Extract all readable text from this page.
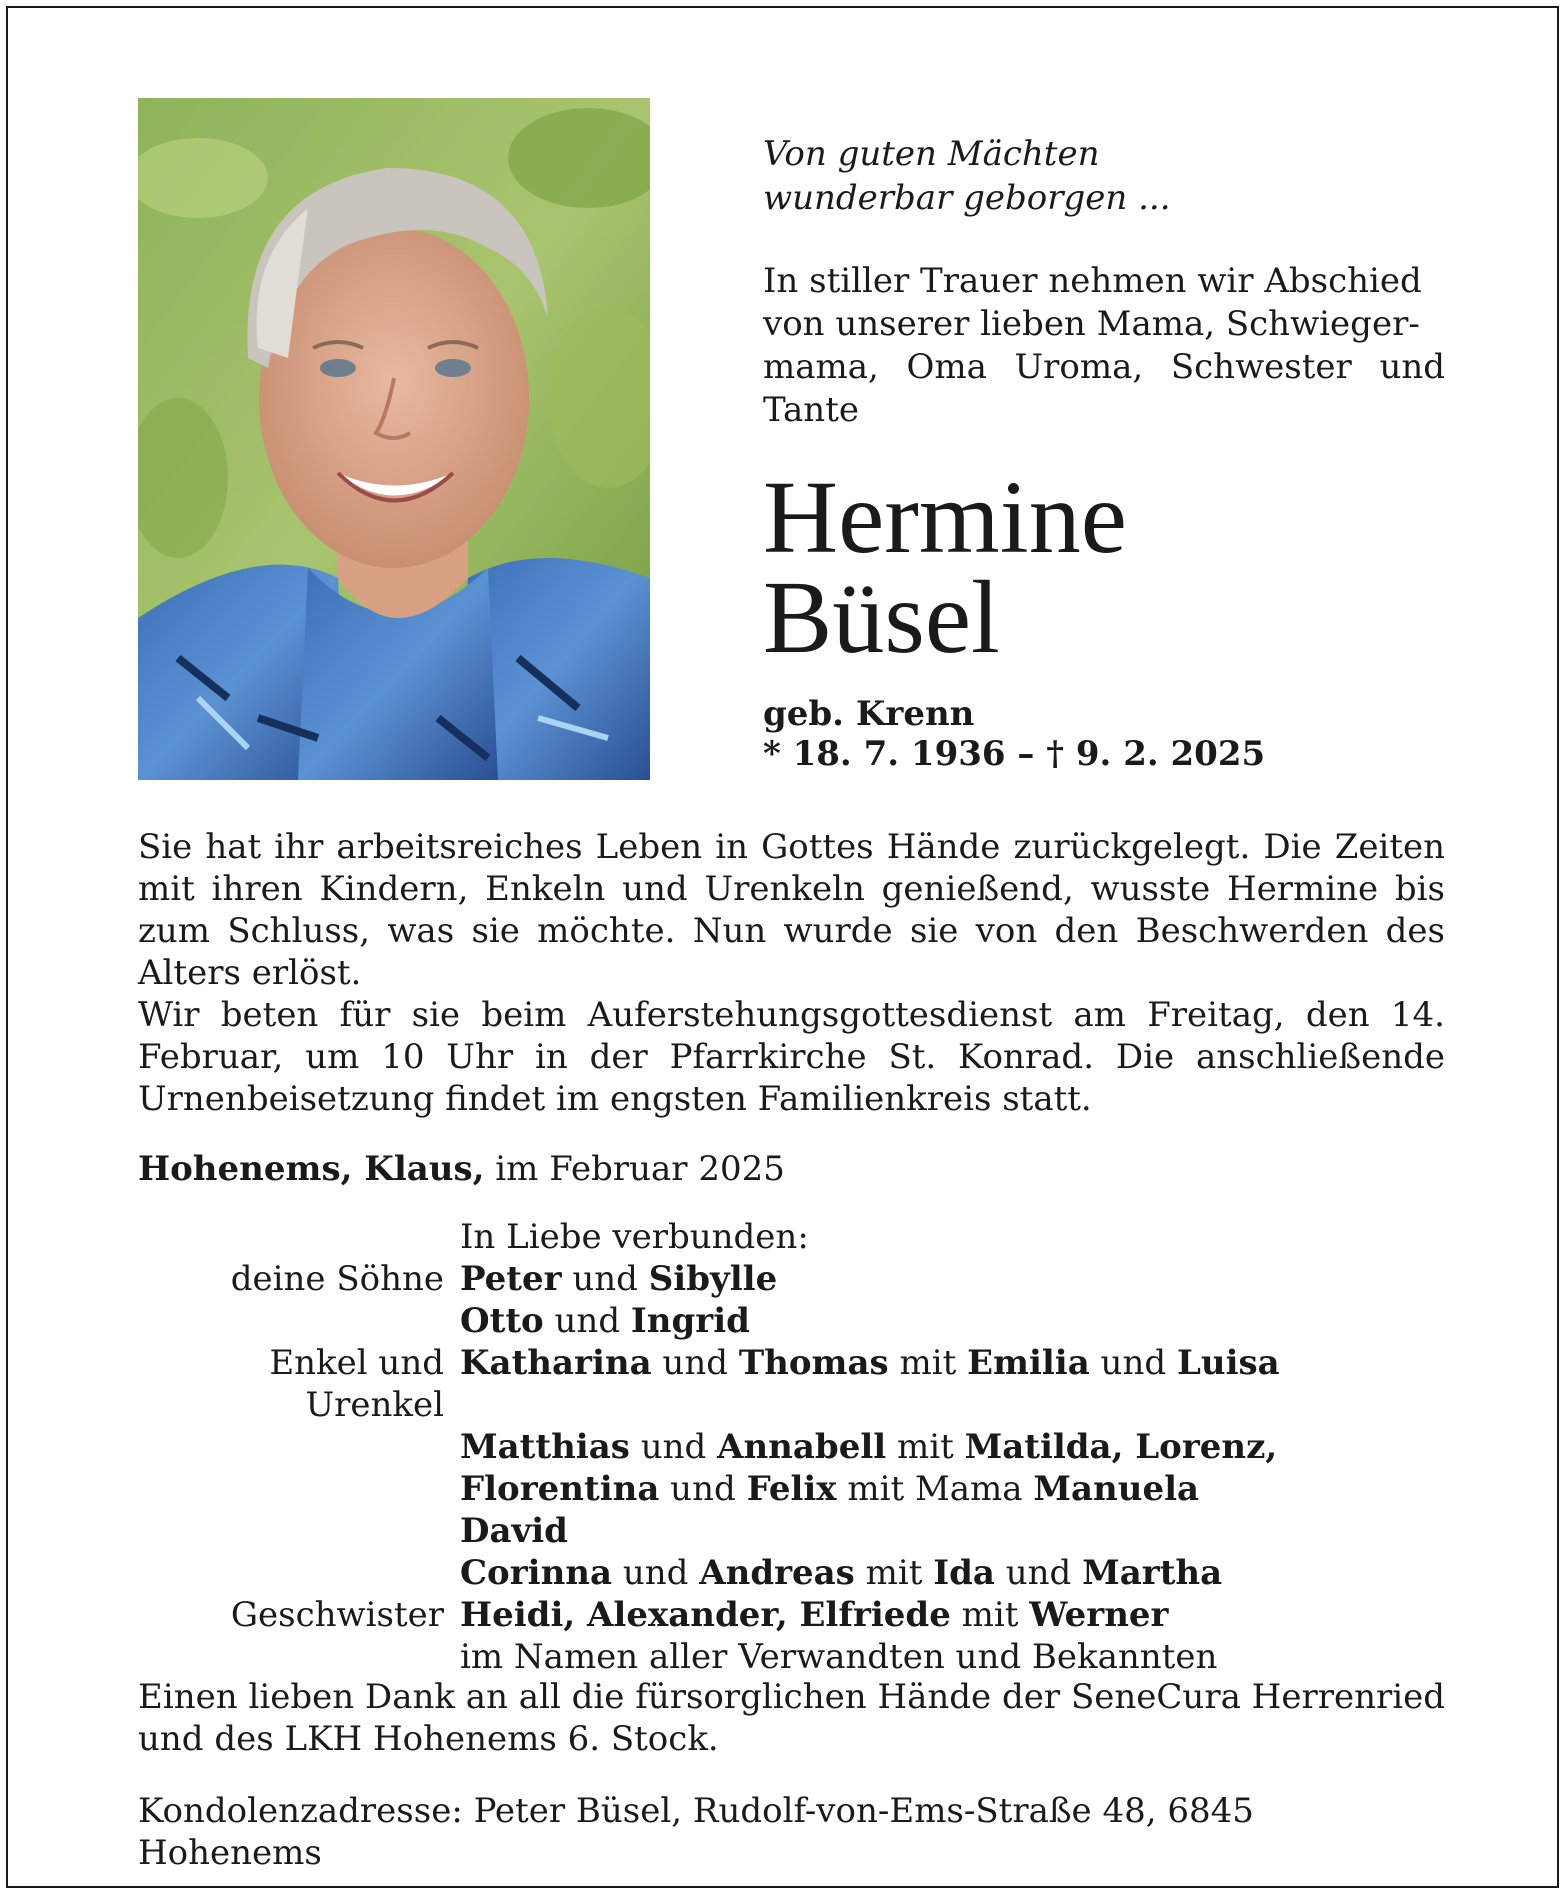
Von guten Mächten
wunderbar geborgen ...

In stiller Trauer nehmen wir Abschied
von unserer lieben Mama, Schwieger-
mama, Oma Uroma, Schwester und
Tante

Hermine
Büsel
geb. Krenn
* 18. 7. 1936 – † 9. 2. 2025

Sie hat ihr arbeitsreiches Leben in Gottes Hände zurückgelegt. Die Zeiten mit ihren Kindern, Enkeln und Urenkeln genießend, wusste Hermine bis zum Schluss, was sie möchte. Nun wurde sie von den Beschwerden des Alters erlöst.

Wir beten für sie beim Auferstehungsgottesdienst am Freitag, den 14. Februar, um 10 Uhr in der Pfarrkirche St. Konrad. Die anschließende Urnenbeisetzung findet im engsten Familienkreis statt.

Hohenems, Klaus, im Februar 2025
In Liebe verbunden:
deine Söhne Peter und Sibylle
Otto und Ingrid
Enkel und Urenkel
Katharina und Thomas mit Emilia und Luisa
Matthias und Annabell mit Matilda, Lorenz,
Florentina und Felix mit Mama Manuela
David
Corinna und Andreas mit Ida und Martha
Geschwister Heidi, Alexander, Elfriede mit Werner
im Namen aller Verwandten und Bekannten
Einen lieben Dank an all die fürsorglichen Hände der SeneCura Herrenried und des LKH Hohenems 6. Stock.
Kondolenzadresse: Peter Büsel, Rudolf-von-Ems-Straße 48, 6845 Hohenems
